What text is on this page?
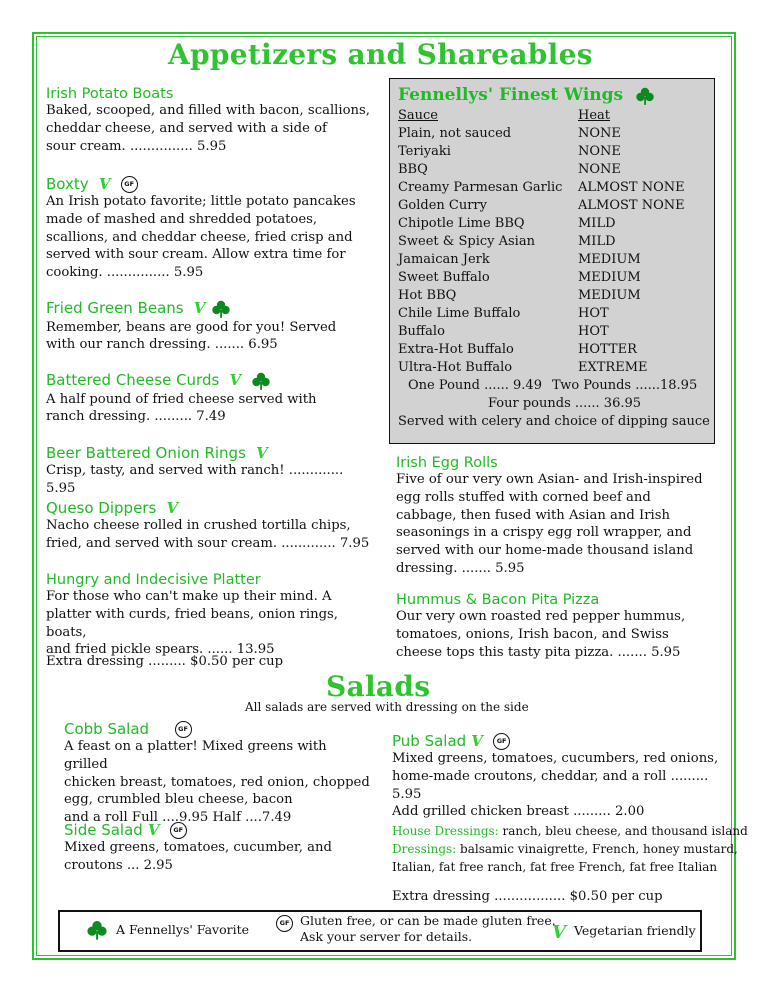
Appetizers and Shareables
Irish Potato Boats
Baked, scooped, and filled with bacon, scallions,
cheddar cheese, and served with a side of
sour cream. ............... 5.95
Boxty V GF
An Irish potato favorite; little potato pancakes
made of mashed and shredded potatoes,
scallions, and cheddar cheese, fried crisp and
served with sour cream. Allow extra time for
cooking. ............... 5.95
Fried Green Beans V
Remember, beans are good for you! Served
with our ranch dressing. ....... 6.95
Battered Cheese Curds V
A half pound of fried cheese served with
ranch dressing. ......... 7.49
Beer Battered Onion Rings V
Crisp, tasty, and served with ranch! ............. 5.95
Queso Dippers V
Nacho cheese rolled in crushed tortilla chips,
fried, and served with sour cream. ............. 7.95
Hungry and Indecisive Platter
For those who can't make up their mind. A
platter with curds, fried beans, onion rings, boats,
and fried pickle spears. ...... 13.95
Extra dressing ......... $0.50 per cup
Fennellys' Finest Wings
Sauce	Heat
Plain, not sauced	NONE
Teriyaki	NONE
BBQ	NONE
Creamy Parmesan Garlic ALMOST NONE
Golden Curry	ALMOST NONE
Chipotle Lime BBQ	MILD
Sweet & Spicy Asian	MILD
Jamaican Jerk	MEDIUM
Sweet Buffalo	MEDIUM
Hot BBQ	MEDIUM
Chile Lime Buffalo	HOT
Buffalo	HOT
Extra-Hot Buffalo	HOTTER
Ultra-Hot Buffalo	EXTREME
One Pound ...... 9.49 Two Pounds ......18.95
Four pounds ...... 36.95
Served with celery and choice of dipping sauce
Irish Egg Rolls
Five of our very own Asian- and Irish-inspired
egg rolls stuffed with corned beef and
cabbage, then fused with Asian and Irish
seasonings in a crispy egg roll wrapper, and
served with our home-made thousand island
dressing. ....... 5.95
Hummus & Bacon Pita Pizza
Our very own roasted red pepper hummus,
tomatoes, onions, Irish bacon, and Swiss
cheese tops this tasty pita pizza. ....... 5.95
Salads
All salads are served with dressing on the side
Cobb Salad	GF
A feast on a platter! Mixed greens with grilled
chicken breast, tomatoes, red onion, chopped
egg, crumbled bleu cheese, bacon
and a roll Full ....9.95 Half ....7.49
Side Salad V GF
Mixed greens, tomatoes, cucumber, and
croutons ... 2.95
Pub Salad V GF
Mixed greens, tomatoes, cucumbers, red onions,
home-made croutons, cheddar, and a roll ......... 5.95
Add grilled chicken breast ......... 2.00
House Dressings: ranch, bleu cheese, and thousand island
Dressings: balsamic vinaigrette, French, honey mustard,
Italian, fat free ranch, fat free French, fat free Italian
Extra dressing ................. $0.50 per cup
A Fennellys' Favorite	GF Gluten free, or can be made gluten free.
Ask your server for details.	V Vegetarian friendly
